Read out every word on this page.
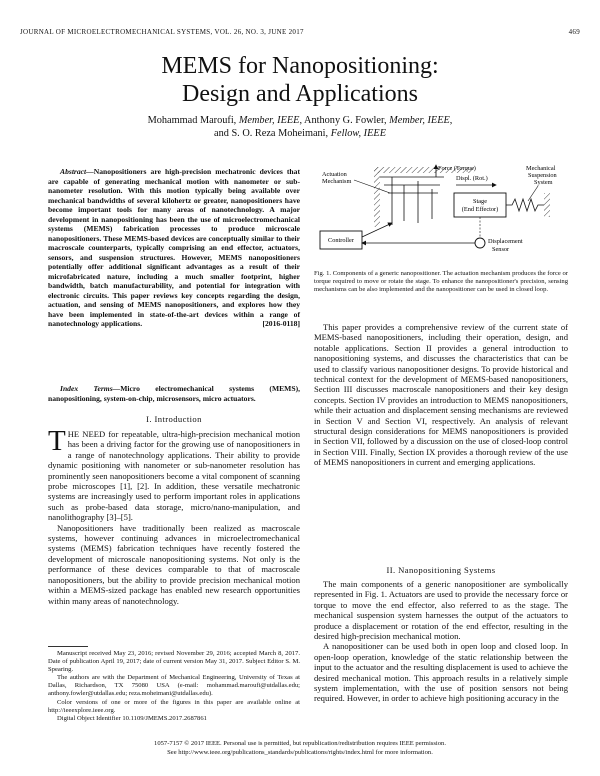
JOURNAL OF MICROELECTROMECHANICAL SYSTEMS, VOL. 26, NO. 3, JUNE 2017	469
MEMS for Nanopositioning:
Design and Applications
Mohammad Maroufi, Member, IEEE, Anthony G. Fowler, Member, IEEE,
and S. O. Reza Moheimani, Fellow, IEEE

Abstract—Nanopositioners are high-precision mechatronic devices that are capable of generating mechanical motion with nanometer or sub-nanometer resolution. With this motion typically being available over mechanical bandwidths of several kilohertz or greater, nanopositioners have become important tools for many areas of nanotechnology. A major development in nanopositioning has been the use of microelectromechanical systems (MEMS) fabrication processes to produce microscale nanopositioners. These MEMS-based devices are conceptually similar to their macroscale counterparts, typically comprising an end effector, actuators, sensors, and suspension structures. However, MEMS nanopositioners potentially offer additional significant advantages as a result of their microfabricated nature, including a much smaller footprint, higher bandwidth, batch manufacturability, and potential for integration with electronic circuits. This paper reviews key concepts regarding the design, actuation, and sensing of MEMS nanopositioners, and explores how they have been implemented in state-of-the-art devices within a range of nanotechnology applications.	[2016-0118]

Index Terms—Micro electromechanical systems (MEMS), nanopositioning, system-on-chip, microsensors, micro actuators.

I. Introduction

THE NEED for repeatable, ultra-high-precision mechanical motion has been a driving factor for the growing use of nanopositioners in a range of nanotechnology applications. Their ability to provide dynamic positioning with nanometer or sub-nanometer resolution has prominently seen nanopositioners become a vital component of scanning probe microscopes [1], [2]. In addition, these versatile mechatronic systems are increasingly used to perform important roles in applications such as probe-based data storage, micro/nano-manipulation, and nanolithography [3]–[5].

Nanopositioners have traditionally been realized as macroscale systems, however continuing advances in microelectromechanical systems (MEMS) fabrication techniques have recently fostered the development of microscale nanopositioning systems. Not only is the performance of these devices comparable to that of macroscale nanopositioners, but the ability to provide precision mechanical motion within a MEMS-sized package has enabled new research opportunities within many areas of nanotechnology.

Manuscript received May 23, 2016; revised November 29, 2016; accepted March 8, 2017. Date of publication April 19, 2017; date of current version May 31, 2017. Subject Editor S. M. Spearing.
The authors are with the Department of Mechanical Engineering, University of Texas at Dallas, Richardson, TX 75080 USA (e-mail: mohammad.maroufi@utdallas.edu; anthony.fowler@utdallas.edu; reza.moheimani@utdallas.edu).
Color versions of one or more of the figures in this paper are available online at http://ieeexplore.ieee.org.
Digital Object Identifier 10.1109/JMEMS.2017.2687861
Force (Torque)
Actuation
Mechanism	Displ. (Rot.)
Stage
(End Effector)
Mechanical
Suspension
System
Controller	Displacement
Sensor

Fig. 1. Components of a generic nanopositioner. The actuation mechanism produces the force or torque required to move or rotate the stage. To enhance the nanopositioner's precision, sensing mechanisms can be also implemented and the nanopositioner can be used in closed loop.

This paper provides a comprehensive review of the current state of MEMS-based nanopositioners, including their operation, design, and notable applications. Section II provides a general introduction to nanopositioning systems, and discusses the characteristics that can be used to classify various nanopositioner designs. To provide historical and technical context for the development of MEMS-based nanopositioners, Section III discusses macroscale nanopositioners and their key design concepts. Section IV provides an introduction to MEMS nanopositioners, while their actuation and displacement sensing mechanisms are reviewed in Section V and Section VI, respectively. An analysis of relevant structural design considerations for MEMS nanopositioners is provided in Section VII, followed by a discussion on the use of closed-loop control in Section VIII. Finally, Section IX provides a thorough review of the use of MEMS nanopositioners in current and emerging applications.

II. Nanopositioning Systems

The main components of a generic nanopositioner are symbolically represented in Fig. 1. Actuators are used to provide the necessary force or torque to move the end effector, also referred to as the stage. The mechanical suspension system harnesses the output of the actuators to produce a displacement or rotation of the end effector, resulting in the desired high-precision mechanical motion.

A nanopositioner can be used both in open loop and closed loop. In open-loop operation, knowledge of the static relationship between the input to the actuator and the resulting displacement is used to achieve the desired mechanical motion. This approach results in a relatively simple system implementation, with the use of position sensors not being required. However, in order to achieve high positioning accuracy in the

1057-7157 © 2017 IEEE. Personal use is permitted, but republication/redistribution requires IEEE permission.
See http://www.ieee.org/publications_standards/publications/rights/index.html for more information.
